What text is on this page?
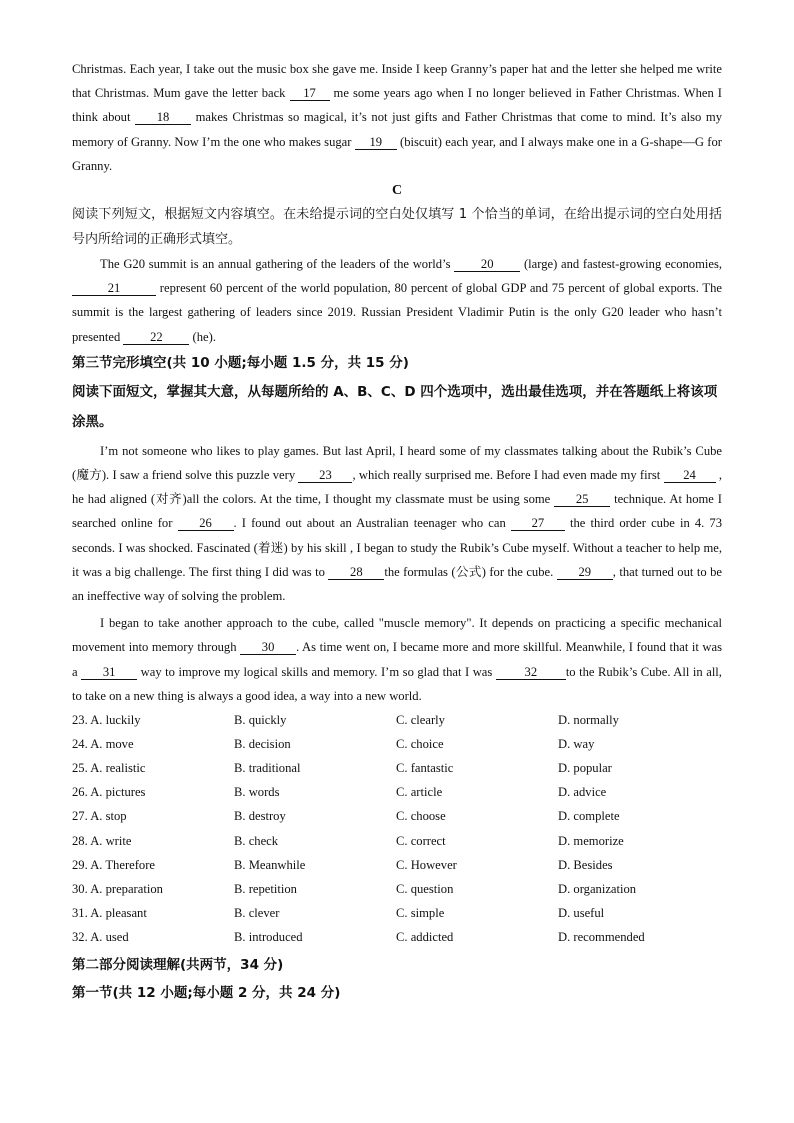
Christmas. Each year, I take out the music box she gave me. Inside I keep Granny’s paper hat and the letter she helped me write that Christmas. Mum gave the letter back 17 me some years ago when I no longer believed in Father Christmas. When I think about 18 makes Christmas so magical, it’s not just gifts and Father Christmas that come to mind. It’s also my memory of Granny. Now I’m the one who makes sugar 19 (biscuit) each year, and I always make one in a G-shape—G for Granny.

C

阅读下列短文，根据短文内容填空。在未给提示词的空白处仅填写 1 个恰当的单词，在给出提示词的空白处用括号内所给词的正确形式填空。

The G20 summit is an annual gathering of the leaders of the world’s 20 (large) and fastest-growing economies, 21	represent 60 percent of the world population, 80 percent of global GDP and 75 percent of global exports. The summit is the largest gathering of leaders since 2019. Russian President Vladimir Putin is the only G20 leader who hasn’t presented 22 (he).

第三节完形填空(共 10 小题;每小题 1.5 分，共 15 分)

阅读下面短文，掌握其大意，从每题所给的 A、B、C、D 四个选项中，选出最佳选项，并在答题纸上将该项涂黑。

I’m not someone who likes to play games. But last April, I heard some of my classmates talking about the Rubik’s Cube (魔方). I saw a friend solve this puzzle very 23 , which really surprised me. Before I had even made my first 24 , he had aligned (对齐)all the colors. At the time, I thought my classmate must be using some 25 technique. At home I searched online for 26 . I found out about an Australian teenager who can 27 the third order cube in 4. 73 seconds. I was shocked. Fascinated (着迷) by his skill , I began to study the Rubik’s Cube myself. Without a teacher to help me, it was a big challenge. The first thing I did was to 28 the formulas (公式) for the cube. 29 , that turned out to be an ineffective way of solving the problem.

I began to take another approach to the cube, called "muscle memory". It depends on practicing a specific mechanical movement into memory through 30 . As time went on, I became more and more skillful. Meanwhile, I found that it was a 31 way to improve my logical skills and memory. I’m so glad that I was 32 to the Rubik’s Cube. All in all, to take on a new thing is always a good idea, a way into a new world.

23. A. luckily	B. quickly	C. clearly	D. normally
24. A. move	B. decision	C. choice	D. way
25. A. realistic	B. traditional	C. fantastic	D. popular
26. A. pictures	B. words	C. article	D. advice
27. A. stop	B. destroy	C. choose	D. complete
28. A. write	B. check	C. correct	D. memorize
29. A. Therefore	B. Meanwhile	C. However	D. Besides
30. A. preparation	B. repetition	C. question	D. organization
31. A. pleasant	B. clever	C. simple	D. useful
32. A. used	B. introduced	C. addicted	D. recommended

第二部分阅读理解(共两节，34 分)

第一节(共 12 小题;每小题 2 分，共 24 分)
